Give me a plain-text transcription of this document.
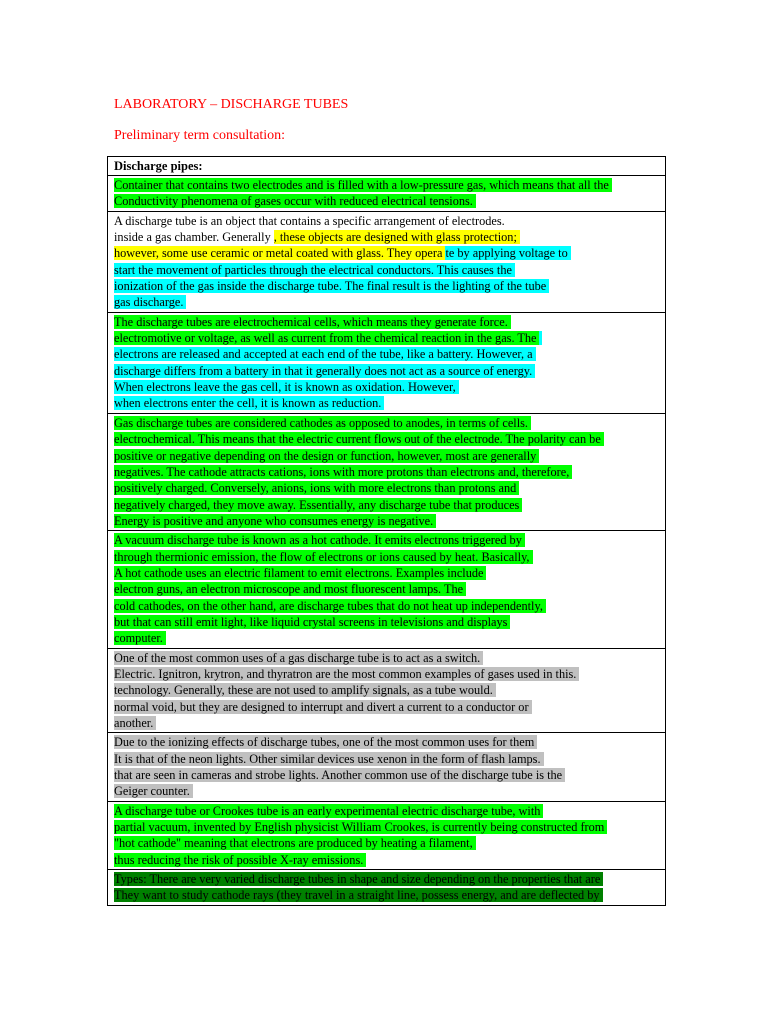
LABORATORY – DISCHARGE TUBES
Preliminary term consultation:
Discharge pipes:
Container that contains two electrodes and is filled with a low-pressure gas, which means that all the
Conductivity phenomena of gases occur with reduced electrical tensions.
A discharge tube is an object that contains a specific arrangement of electrodes.
inside a gas chamber. Generally , these objects are designed with glass protection;
however, some use ceramic or metal coated with glass. They opera te by applying voltage to
start the movement of particles through the electrical conductors. This causes the
ionization of the gas inside the discharge tube. The final result is the lighting of the tube
gas discharge.
The discharge tubes are electrochemical cells, which means they generate force.
electromotive or voltage, as well as current from the chemical reaction in the gas. The
electrons are released and accepted at each end of the tube, like a battery. However, a
discharge differs from a battery in that it generally does not act as a source of energy.
When electrons leave the gas cell, it is known as oxidation. However,
when electrons enter the cell, it is known as reduction.
Gas discharge tubes are considered cathodes as opposed to anodes, in terms of cells.
electrochemical. This means that the electric current flows out of the electrode. The polarity can be
positive or negative depending on the design or function, however, most are generally
negatives. The cathode attracts cations, ions with more protons than electrons and, therefore,
positively charged. Conversely, anions, ions with more electrons than protons and
negatively charged, they move away. Essentially, any discharge tube that produces
Energy is positive and anyone who consumes energy is negative.
A vacuum discharge tube is known as a hot cathode. It emits electrons triggered by
through thermionic emission, the flow of electrons or ions caused by heat. Basically,
A hot cathode uses an electric filament to emit electrons. Examples include
electron guns, an electron microscope and most fluorescent lamps. The
cold cathodes, on the other hand, are discharge tubes that do not heat up independently,
but that can still emit light, like liquid crystal screens in televisions and displays
computer.
One of the most common uses of a gas discharge tube is to act as a switch.
Electric. Ignitron, krytron, and thyratron are the most common examples of gases used in this.
technology. Generally, these are not used to amplify signals, as a tube would.
normal void, but they are designed to interrupt and divert a current to a conductor or
another.
Due to the ionizing effects of discharge tubes, one of the most common uses for them
It is that of the neon lights. Other similar devices use xenon in the form of flash lamps.
that are seen in cameras and strobe lights. Another common use of the discharge tube is the
Geiger counter.
A discharge tube or Crookes tube is an early experimental electric discharge tube, with
partial vacuum, invented by English physicist William Crookes, is currently being constructed from
"hot cathode" meaning that electrons are produced by heating a filament,
thus reducing the risk of possible X-ray emissions.
Types: There are very varied discharge tubes in shape and size depending on the properties that are
They want to study cathode rays (they travel in a straight line, possess energy, and are deflected by
